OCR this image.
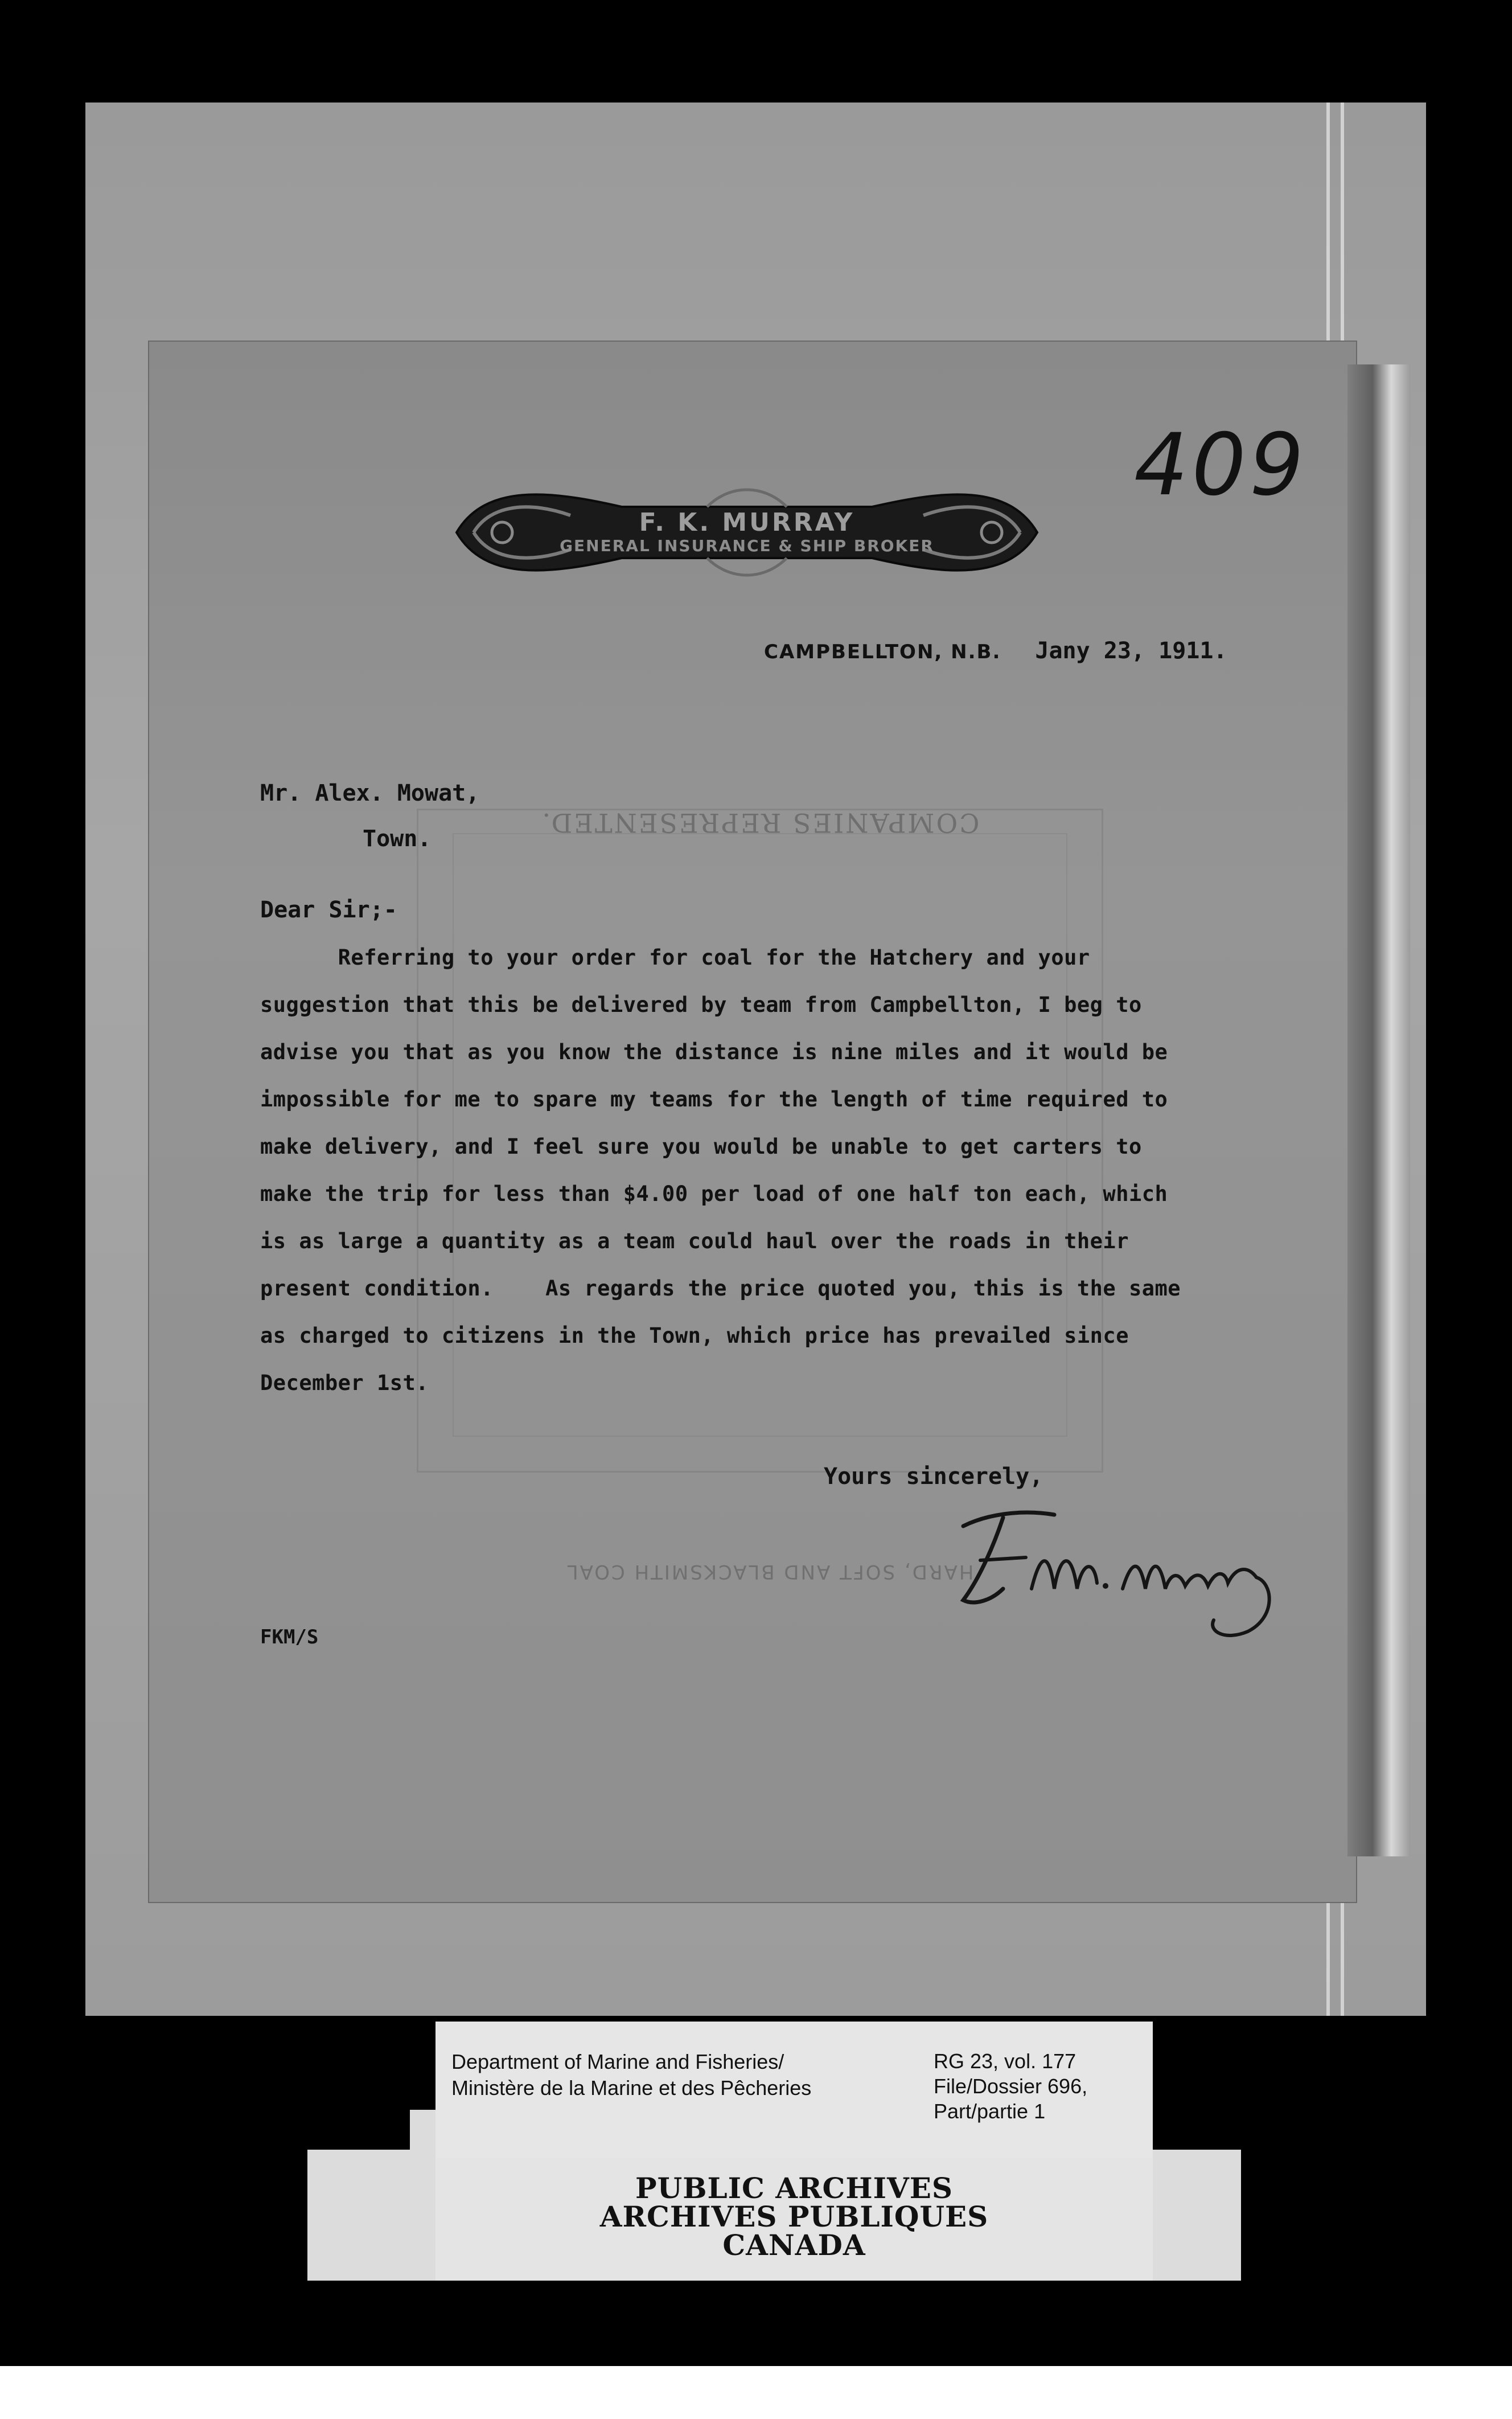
409
F. K. MURRAY
GENERAL INSURANCE & SHIP BROKER
COMPANIES REPRESENTED.
HARD, SOFT AND BLACKSMITH COAL
CAMPBELLTON, N.B. Jany 23, 1911.
Mr. Alex. Mowat,
Town.
Dear Sir;-
Referring to your order for coal for the Hatchery and your
suggestion that this be delivered by team from Campbellton, I beg to
advise you that as you know the distance is nine miles and it would be
impossible for me to spare my teams for the length of time required to
make delivery, and I feel sure you would be unable to get carters to
make the trip for less than $4.00 per load of one half ton each, which
is as large a quantity as a team could haul over the roads in their
present condition.    As regards the price quoted you, this is the same
as charged to citizens in the Town, which price has prevailed since
December 1st.
Yours sincerely,
FKM/S
Department of Marine and Fisheries/
Ministère de la Marine et des Pêcheries
RG 23, vol. 177
File/Dossier 696,
Part/partie 1
PUBLIC ARCHIVES
ARCHIVES PUBLIQUES
CANADA
